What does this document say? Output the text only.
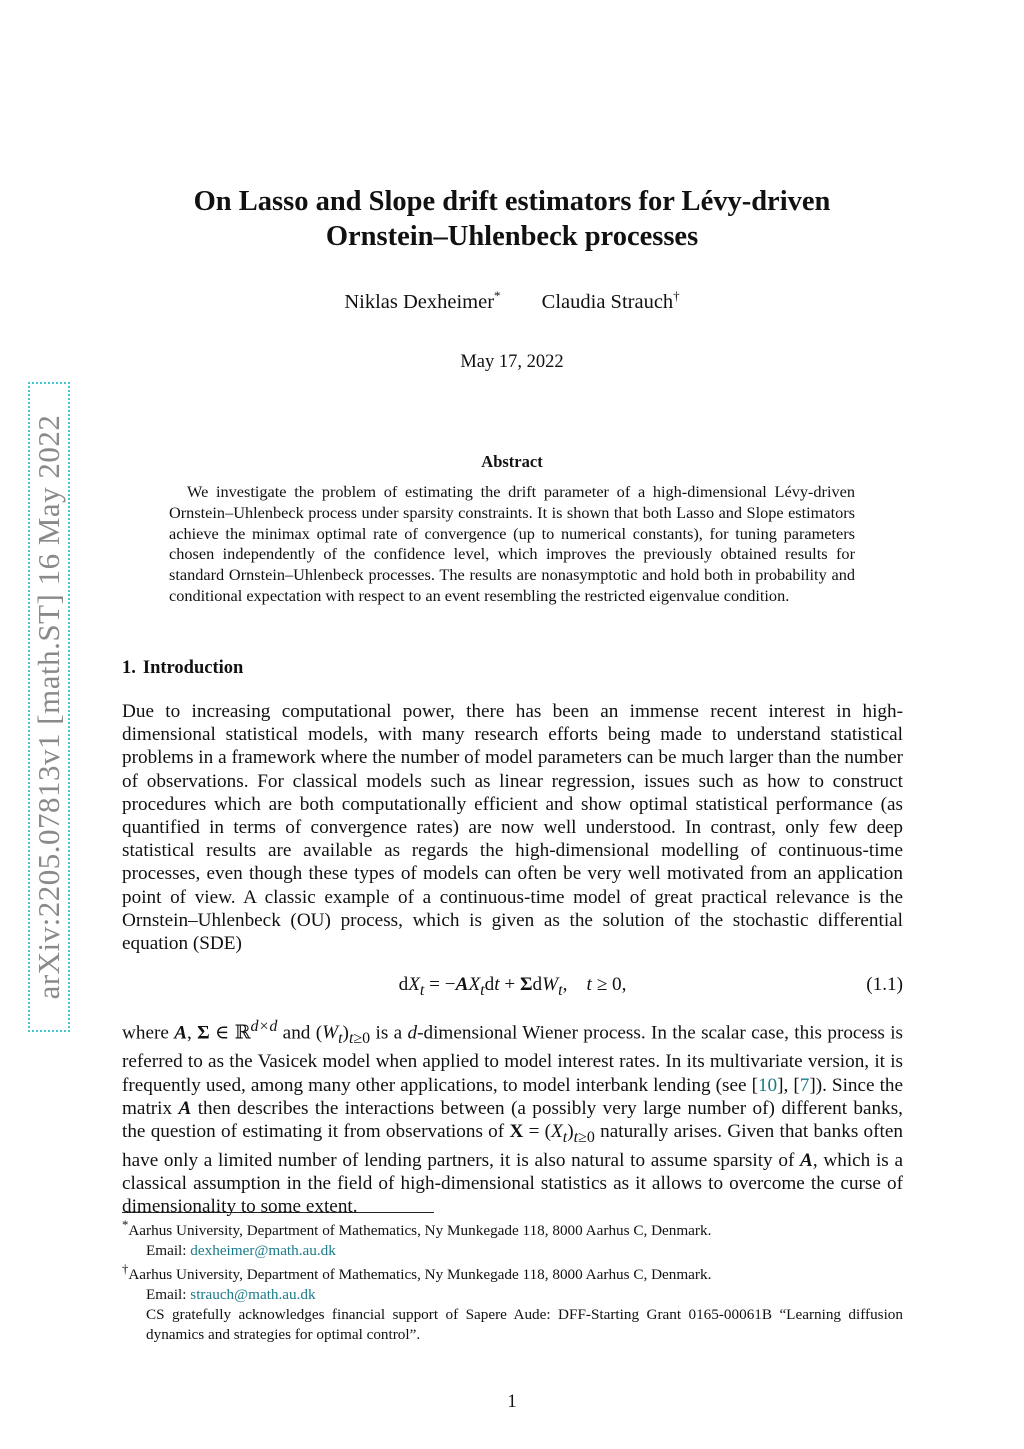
arXiv:2205.07813v1 [math.ST] 16 May 2022
On Lasso and Slope drift estimators for Lévy-driven
Ornstein–Uhlenbeck processes
Niklas Dexheimer* Claudia Strauch†
May 17, 2022
Abstract
We investigate the problem of estimating the drift parameter of a high-dimensional Lévy-driven Ornstein–Uhlenbeck process under sparsity constraints. It is shown that both Lasso and Slope estimators achieve the minimax optimal rate of convergence (up to numerical constants), for tuning parameters chosen independently of the confidence level, which improves the previously obtained results for standard Ornstein–Uhlenbeck processes. The results are nonasymptotic and hold both in probability and conditional expectation with respect to an event resembling the restricted eigenvalue condition.
1. Introduction
Due to increasing computational power, there has been an immense recent interest in high-dimensional statistical models, with many research efforts being made to understand statistical problems in a framework where the number of model parameters can be much larger than the number of observations. For classical models such as linear regression, issues such as how to construct procedures which are both computationally efficient and show optimal statistical performance (as quantified in terms of convergence rates) are now well understood. In contrast, only few deep statistical results are available as regards the high-dimensional modelling of continuous-time processes, even though these types of models can often be very well motivated from an application point of view. A classic example of a continuous-time model of great practical relevance is the Ornstein–Uhlenbeck (OU) process, which is given as the solution of the stochastic differential equation (SDE)
$dX_t = -AX_tdt + \Sigma dW_t$,    t ≥ 0,	(1.1)
where A, Σ ∈ ℝ$^{d\times d}$ and $(W_t)_{t\ge 0}$ is a d-dimensional Wiener process. In the scalar case, this process is referred to as the Vasicek model when applied to model interest rates. In its multivariate version, it is frequently used, among many other applications, to model interbank lending (see [10], [7]). Since the matrix A then describes the interactions between (a possibly very large number of) different banks, the question of estimating it from observations of $X = (X_t)_{t\ge 0}$ naturally arises. Given that banks often have only a limited number of lending partners, it is also natural to assume sparsity of A, which is a classical assumption in the field of high-dimensional statistics as it allows to overcome the curse of dimensionality to some extent.
*Aarhus University, Department of Mathematics, Ny Munkegade 118, 8000 Aarhus C, Denmark.
Email: dexheimer@math.au.dk
†Aarhus University, Department of Mathematics, Ny Munkegade 118, 8000 Aarhus C, Denmark.
Email: strauch@math.au.dk
CS gratefully acknowledges financial support of Sapere Aude: DFF-Starting Grant 0165-00061B “Learning diffusion dynamics and strategies for optimal control”.
1
